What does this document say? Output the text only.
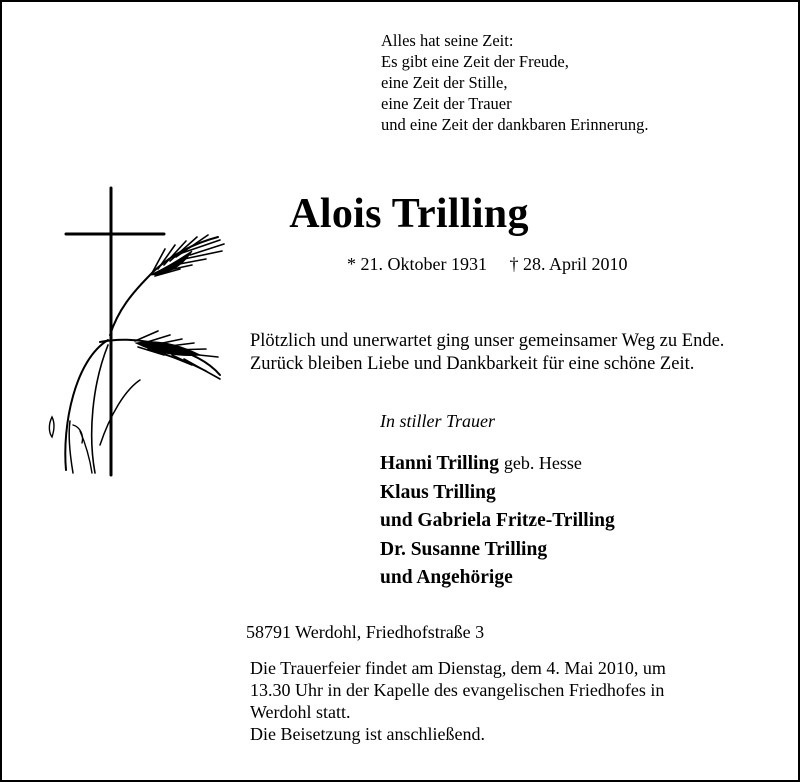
Alles hat seine Zeit:
Es gibt eine Zeit der Freude,
eine Zeit der Stille,
eine Zeit der Trauer
und eine Zeit der dankbaren Erinnerung.
Alois Trilling
* 21. Oktober 1931 † 28. April 2010
Plötzlich und unerwartet ging unser gemeinsamer Weg zu Ende.
Zurück bleiben Liebe und Dankbarkeit für eine schöne Zeit.
In stiller Trauer
Hanni Trilling geb. Hesse
Klaus Trilling
und Gabriela Fritze-Trilling
Dr. Susanne Trilling
und Angehörige
58791 Werdohl, Friedhofstraße 3
Die Trauerfeier findet am Dienstag, dem 4. Mai 2010, um
13.30 Uhr in der Kapelle des evangelischen Friedhofes in
Werdohl statt.
Die Beisetzung ist anschließend.
